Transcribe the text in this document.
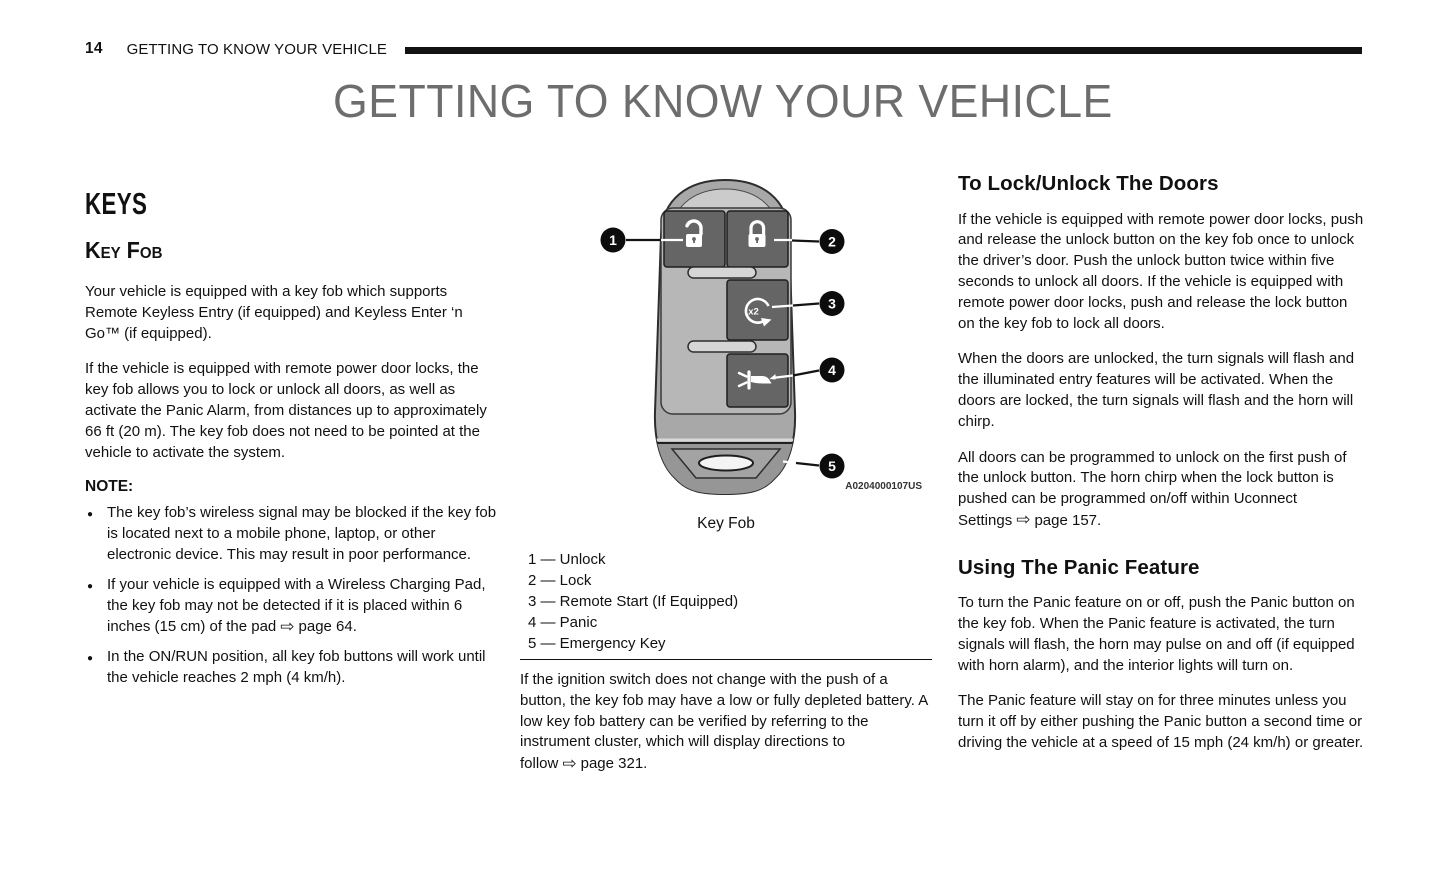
14 GETTING TO KNOW YOUR VEHICLE
GETTING TO KNOW YOUR VEHICLE
KEYS
Key Fob

Your vehicle is equipped with a key fob which supports Remote Keyless Entry (if equipped) and Keyless Enter ‘n Go™ (if equipped).

If the vehicle is equipped with remote power door locks, the key fob allows you to lock or unlock all doors, as well as activate the Panic Alarm, from distances up to approximately 66 ft (20 m). The key fob does not need to be pointed at the vehicle to activate the system.

NOTE:
● The key fob’s wireless signal may be blocked if the key fob is located next to a mobile phone, laptop, or other electronic device. This may result in poor performance.
● If your vehicle is equipped with a Wireless Charging Pad, the key fob may not be detected if it is placed within 6 inches (15 cm) of the pad ⇨ page 64.
● In the ON/RUN position, all key fob buttons will work until the vehicle reaches 2 mph (4 km/h).
x2
1	2
3
4
5
A0204000107US
Key Fob
1 — Unlock
2 — Lock
3 — Remote Start (If Equipped)
4 — Panic
5 — Emergency Key

If the ignition switch does not change with the push of a button, the key fob may have a low or fully depleted battery. A low key fob battery can be verified by referring to the instrument cluster, which will display directions to follow ⇨ page 321.

To Lock/Unlock The Doors

If the vehicle is equipped with remote power door locks, push and release the unlock button on the key fob once to unlock the driver’s door. Push the unlock button twice within five seconds to unlock all doors. If the vehicle is equipped with remote power door locks, push and release the lock button on the key fob to lock all doors.

When the doors are unlocked, the turn signals will flash and the illuminated entry features will be activated. When the doors are locked, the turn signals will flash and the horn will chirp.

All doors can be programmed to unlock on the first push of the unlock button. The horn chirp when the lock button is pushed can be programmed on/off within Uconnect Settings ⇨ page 157.

Using The Panic Feature

To turn the Panic feature on or off, push the Panic button on the key fob. When the Panic feature is activated, the turn signals will flash, the horn may pulse on and off (if equipped with horn alarm), and the interior lights will turn on.

The Panic feature will stay on for three minutes unless you turn it off by either pushing the Panic button a second time or driving the vehicle at a speed of 15 mph (24 km/h) or greater.
